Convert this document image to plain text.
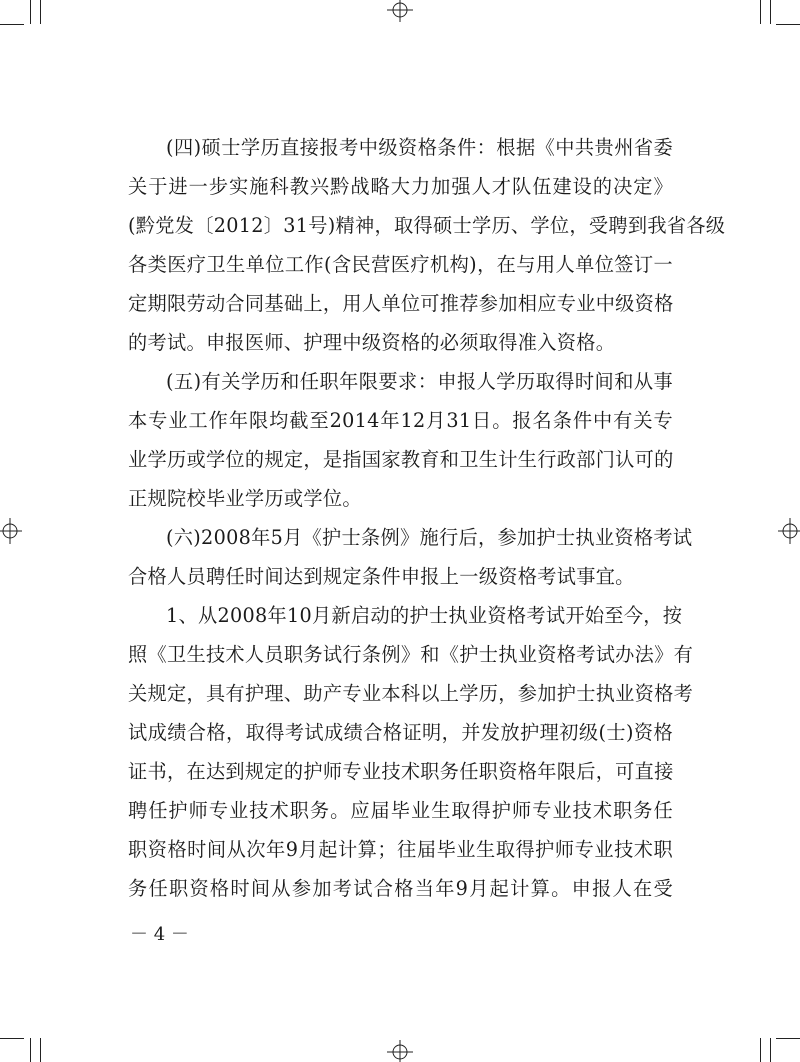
(四)硕士学历直接报考中级资格条件：根据《中共贵州省委
关于进一步实施科教兴黔战略大力加强人才队伍建设的决定》
(黔党发〔2012〕31号)精神，取得硕士学历、学位，受聘到我省各级
各类医疗卫生单位工作(含民营医疗机构)，在与用人单位签订一
定期限劳动合同基础上，用人单位可推荐参加相应专业中级资格
的考试。申报医师、护理中级资格的必须取得准入资格。
(五)有关学历和任职年限要求：申报人学历取得时间和从事
本专业工作年限均截至2014年12月31日。报名条件中有关专
业学历或学位的规定，是指国家教育和卫生计生行政部门认可的
正规院校毕业学历或学位。
(六)2008年5月《护士条例》施行后，参加护士执业资格考试
合格人员聘任时间达到规定条件申报上一级资格考试事宜。
1、从2008年10月新启动的护士执业资格考试开始至今，按
照《卫生技术人员职务试行条例》和《护士执业资格考试办法》有
关规定，具有护理、助产专业本科以上学历，参加护士执业资格考
试成绩合格，取得考试成绩合格证明，并发放护理初级(士)资格
证书，在达到规定的护师专业技术职务任职资格年限后，可直接
聘任护师专业技术职务。应届毕业生取得护师专业技术职务任
职资格时间从次年9月起计算；往届毕业生取得护师专业技术职
务任职资格时间从参加考试合格当年9月起计算。申报人在受
－ 4 －
